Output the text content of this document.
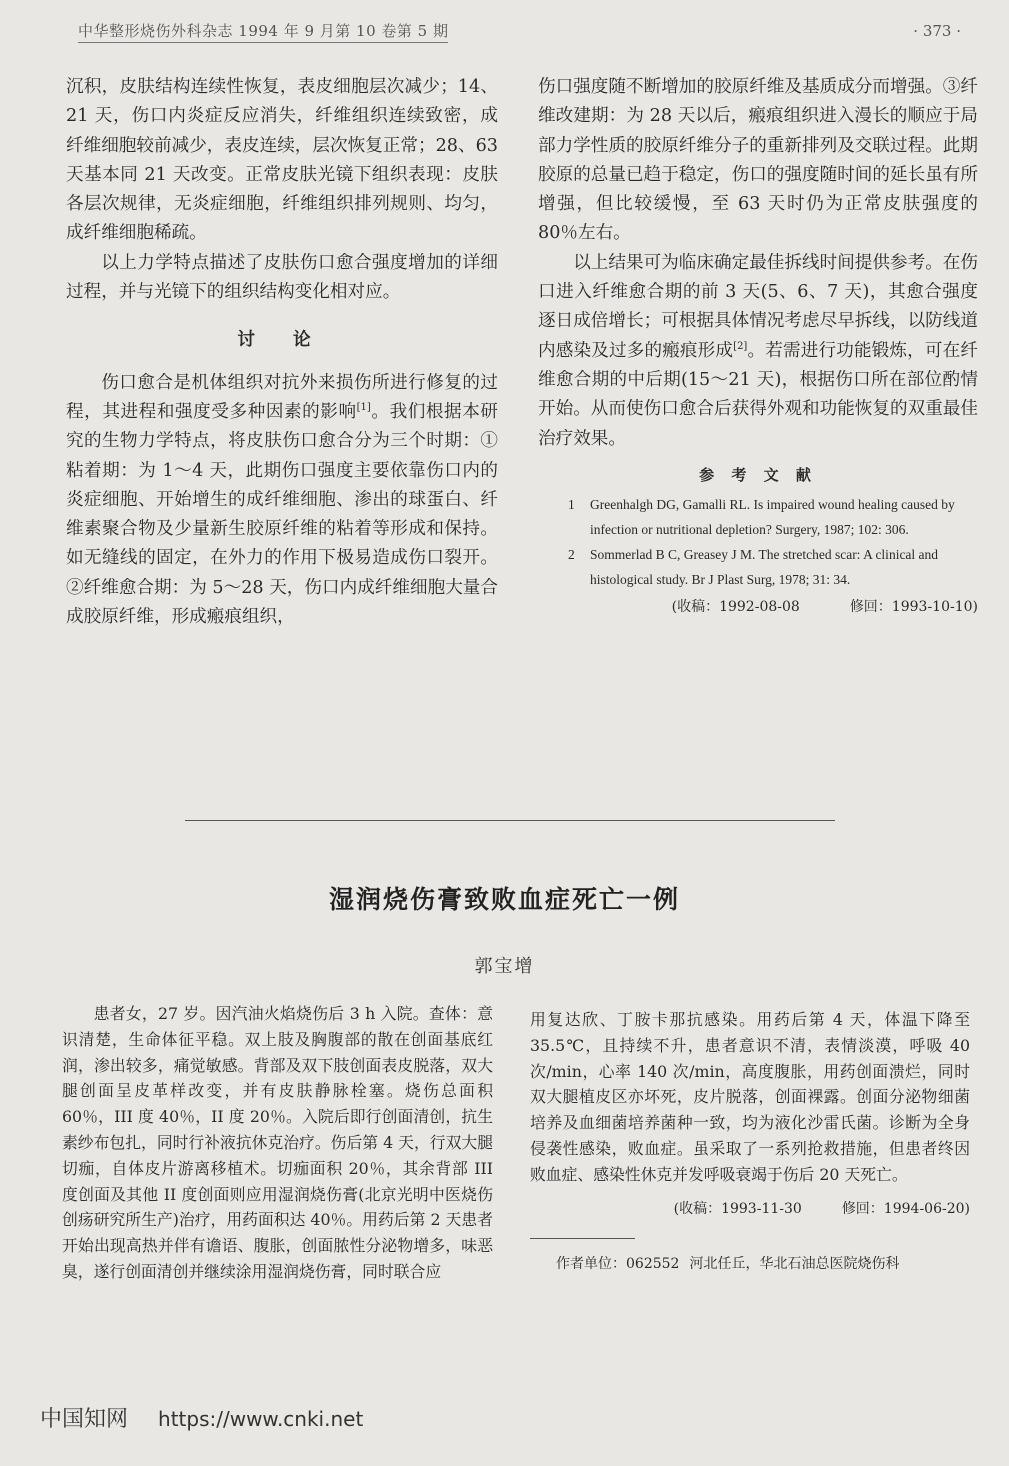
中华整形烧伤外科杂志 1994 年 9 月第 10 卷第 5 期	· 373 ·

沉积，皮肤结构连续性恢复，表皮细胞层次减少；14、21 天，伤口内炎症反应消失，纤维组织连续致密，成纤维细胞较前减少，表皮连续，层次恢复正常；28、63 天基本同 21 天改变。正常皮肤光镜下组织表现：皮肤各层次规律，无炎症细胞，纤维组织排列规则、均匀，成纤维细胞稀疏。

以上力学特点描述了皮肤伤口愈合强度增加的详细过程，并与光镜下的组织结构变化相对应。

讨 论

伤口愈合是机体组织对抗外来损伤所进行修复的过程，其进程和强度受多种因素的影响[1]。我们根据本研究的生物力学特点，将皮肤伤口愈合分为三个时期：①粘着期：为 1～4 天，此期伤口强度主要依靠伤口内的炎症细胞、开始增生的成纤维细胞、渗出的球蛋白、纤维素聚合物及少量新生胶原纤维的粘着等形成和保持。如无缝线的固定，在外力的作用下极易造成伤口裂开。②纤维愈合期：为 5～28 天，伤口内成纤维细胞大量合成胶原纤维，形成瘢痕组织，

伤口强度随不断增加的胶原纤维及基质成分而增强。③纤维改建期：为 28 天以后，瘢痕组织进入漫长的顺应于局部力学性质的胶原纤维分子的重新排列及交联过程。此期胶原的总量已趋于稳定，伤口的强度随时间的延长虽有所增强，但比较缓慢，至 63 天时仍为正常皮肤强度的 80％左右。

以上结果可为临床确定最佳拆线时间提供参考。在伤口进入纤维愈合期的前 3 天(5、6、7 天)，其愈合强度逐日成倍增长；可根据具体情况考虑尽早拆线，以防线道内感染及过多的瘢痕形成[2]。若需进行功能锻炼，可在纤维愈合期的中后期(15～21 天)，根据伤口所在部位酌情开始。从而使伤口愈合后获得外观和功能恢复的双重最佳治疗效果。

参 考 文 献
1 Greenhalgh DG, Gamalli RL. Is impaired wound healing caused by infection or nutritional depletion? Surgery, 1987; 102: 306.
2 Sommerlad B C, Greasey J M. The stretched scar: A clinical and histological study. Br J Plast Surg, 1978; 31: 34.
(收稿：1992-08-08	修回：1993-10-10)
湿润烧伤膏致败血症死亡一例
郭宝增

患者女，27 岁。因汽油火焰烧伤后 3 h 入院。查体：意识清楚，生命体征平稳。双上肢及胸腹部的散在创面基底红润，渗出较多，痛觉敏感。背部及双下肢创面表皮脱落，双大腿创面呈皮革样改变，并有皮肤静脉栓塞。烧伤总面积 60％，III 度 40％，II 度 20％。入院后即行创面清创，抗生素纱布包扎，同时行补液抗休克治疗。伤后第 4 天，行双大腿切痂，自体皮片游离移植术。切痂面积 20％，其余背部 III 度创面及其他 II 度创面则应用湿润烧伤膏(北京光明中医烧伤创疡研究所生产)治疗，用药面积达 40％。用药后第 2 天患者开始出现高热并伴有谵语、腹胀，创面脓性分泌物增多，味恶臭，遂行创面清创并继续涂用湿润烧伤膏，同时联合应

用复达欣、丁胺卡那抗感染。用药后第 4 天，体温下降至 35.5℃，且持续不升，患者意识不清，表情淡漠，呼吸 40 次/min，心率 140 次/min，高度腹胀，用药创面溃烂，同时双大腿植皮区亦坏死，皮片脱落，创面裸露。创面分泌物细菌培养及血细菌培养菌种一致，均为液化沙雷氏菌。诊断为全身侵袭性感染，败血症。虽采取了一系列抢救措施，但患者终因败血症、感染性休克并发呼吸衰竭于伤后 20 天死亡。

(收稿：1993-11-30	修回：1994-06-20)
作者单位：062552 河北任丘，华北石油总医院烧伤科
中国知网 https://www.cnki.net
